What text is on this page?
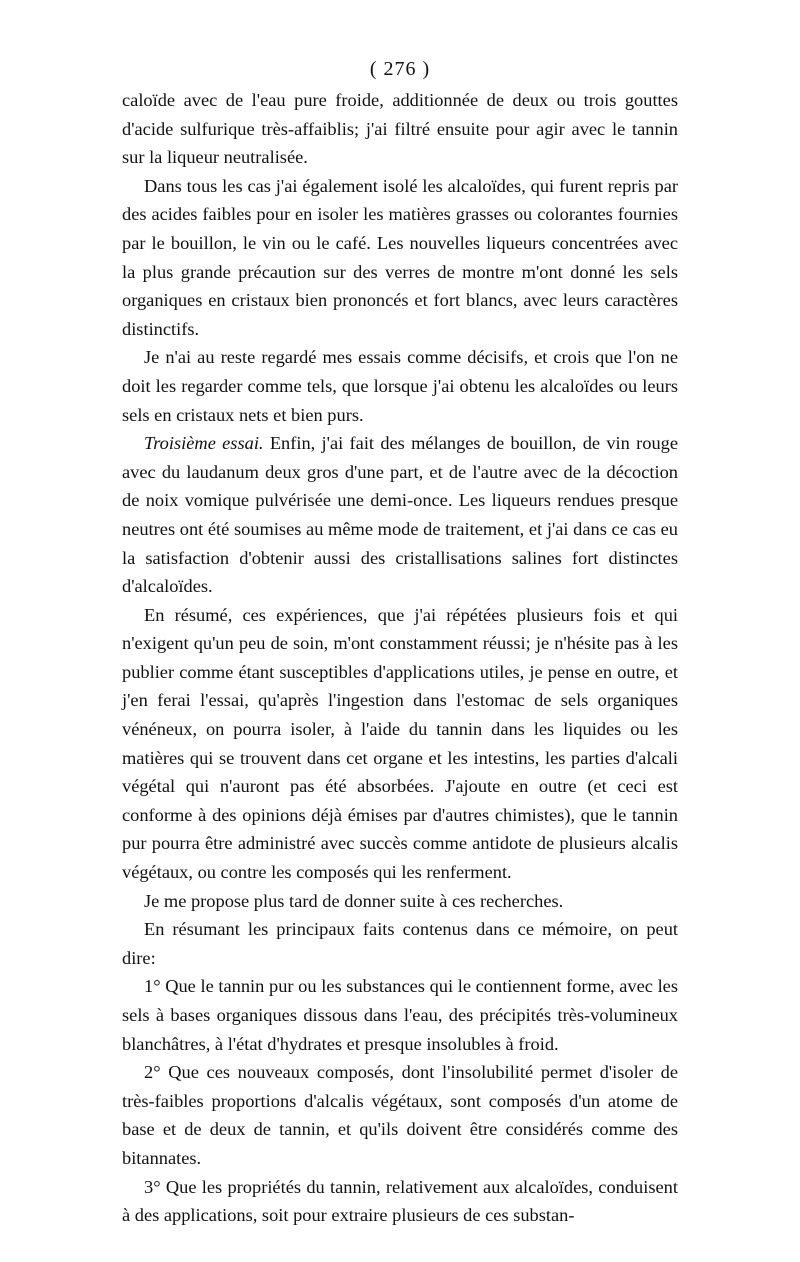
( 276 )

caloïde avec de l'eau pure froide, additionnée de deux ou trois gouttes d'acide sulfurique très-affaiblis; j'ai filtré ensuite pour agir avec le tannin sur la liqueur neutralisée.

Dans tous les cas j'ai également isolé les alcaloïdes, qui furent repris par des acides faibles pour en isoler les matières grasses ou colorantes fournies par le bouillon, le vin ou le café. Les nouvelles liqueurs concentrées avec la plus grande précaution sur des verres de montre m'ont donné les sels organiques en cristaux bien prononcés et fort blancs, avec leurs caractères distinctifs.

Je n'ai au reste regardé mes essais comme décisifs, et crois que l'on ne doit les regarder comme tels, que lorsque j'ai obtenu les alcaloïdes ou leurs sels en cristaux nets et bien purs.

Troisième essai. Enfin, j'ai fait des mélanges de bouillon, de vin rouge avec du laudanum deux gros d'une part, et de l'autre avec de la décoction de noix vomique pulvérisée une demi-once. Les liqueurs rendues presque neutres ont été soumises au même mode de traitement, et j'ai dans ce cas eu la satisfaction d'obtenir aussi des cristallisations salines fort distinctes d'alcaloïdes.

En résumé, ces expériences, que j'ai répétées plusieurs fois et qui n'exigent qu'un peu de soin, m'ont constamment réussi; je n'hésite pas à les publier comme étant susceptibles d'applications utiles, je pense en outre, et j'en ferai l'essai, qu'après l'ingestion dans l'estomac de sels organiques vénéneux, on pourra isoler, à l'aide du tannin dans les liquides ou les matières qui se trouvent dans cet organe et les intestins, les parties d'alcali végétal qui n'auront pas été absorbées. J'ajoute en outre (et ceci est conforme à des opinions déjà émises par d'autres chimistes), que le tannin pur pourra être administré avec succès comme antidote de plusieurs alcalis végétaux, ou contre les composés qui les renferment.

Je me propose plus tard de donner suite à ces recherches.

En résumant les principaux faits contenus dans ce mémoire, on peut dire:

1° Que le tannin pur ou les substances qui le contiennent forme, avec les sels à bases organiques dissous dans l'eau, des précipités très-volumineux blanchâtres, à l'état d'hydrates et presque insolubles à froid.

2° Que ces nouveaux composés, dont l'insolubilité permet d'isoler de très-faibles proportions d'alcalis végétaux, sont composés d'un atome de base et de deux de tannin, et qu'ils doivent être considérés comme des bitannates.

3° Que les propriétés du tannin, relativement aux alcaloïdes, conduisent à des applications, soit pour extraire plusieurs de ces substan-
